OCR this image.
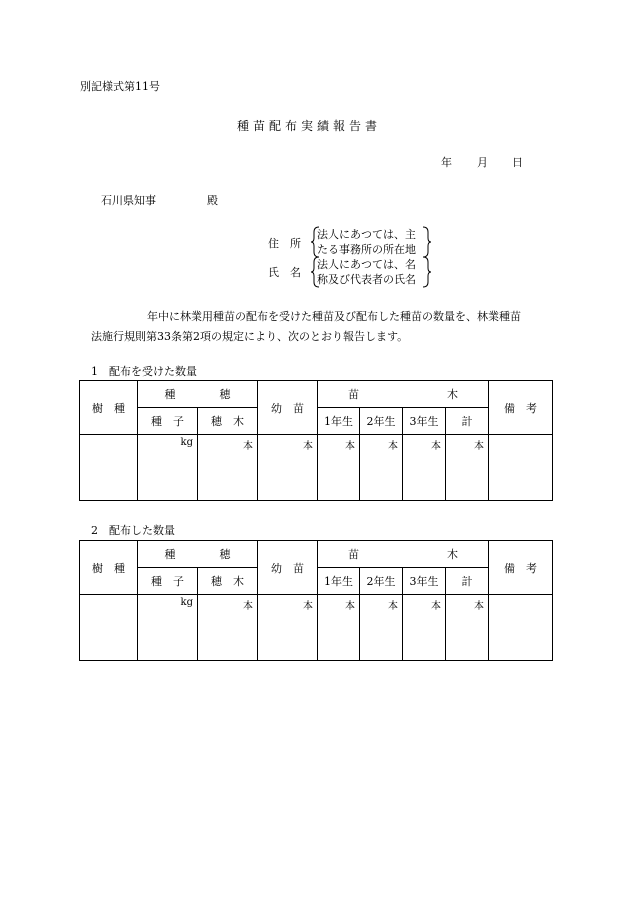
別記様式第11号
種苗配布実績報告書
年 月 日
石川県知事	殿
住　所
法人にあつては、主
たる事務所の所在地
氏　名
法人にあつては、名
称及び代表者の氏名
年中に林業用種苗の配布を受けた種苗及び配布した種苗の数量を、林業種苗
法施行規則第33条第2項の規定により、次のとおり報告します。
1　配布を受けた数量
樹　種	種　　　　穂		幼　苗	苗　　　　　　　　木				備　考
	種　子	穂　木		1年生	2年生	3年生	計	
	kg	本	本	本	本	本	本	
2　配布した数量
樹　種	種　　　　穂		幼　苗	苗　　　　　　　　木				備　考
	種　子	穂　木		1年生	2年生	3年生	計	
	kg	本	本	本	本	本	本	
